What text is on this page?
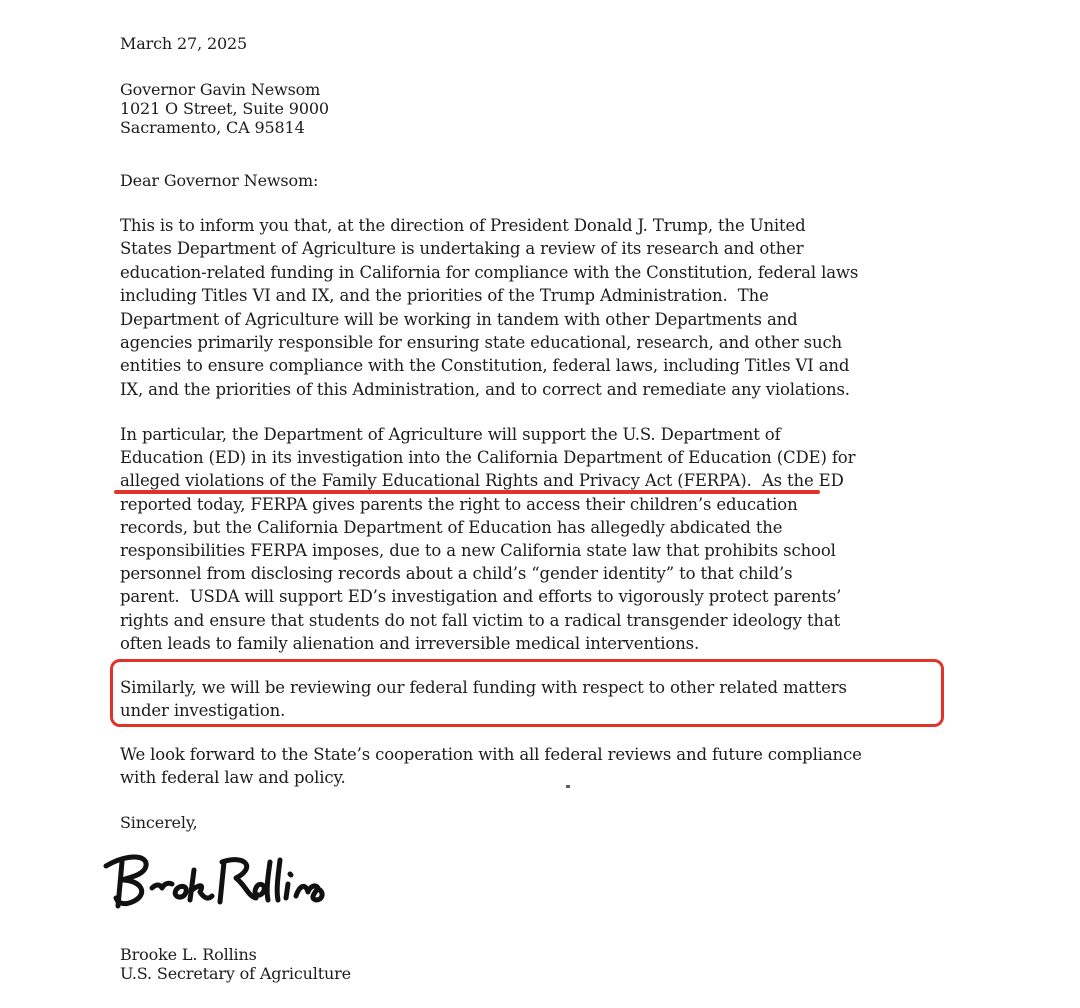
March 27, 2025
Governor Gavin Newsom
1021 O Street, Suite 9000
Sacramento, CA 95814
Dear Governor Newsom:
This is to inform you that, at the direction of President Donald J. Trump, the United
States Department of Agriculture is undertaking a review of its research and other
education-related funding in California for compliance with the Constitution, federal laws
including Titles VI and IX, and the priorities of the Trump Administration.  The
Department of Agriculture will be working in tandem with other Departments and
agencies primarily responsible for ensuring state educational, research, and other such
entities to ensure compliance with the Constitution, federal laws, including Titles VI and
IX, and the priorities of this Administration, and to correct and remediate any violations.
In particular, the Department of Agriculture will support the U.S. Department of
Education (ED) in its investigation into the California Department of Education (CDE) for
alleged violations of the Family Educational Rights and Privacy Act (FERPA).  As the ED
reported today, FERPA gives parents the right to access their children’s education
records, but the California Department of Education has allegedly abdicated the
responsibilities FERPA imposes, due to a new California state law that prohibits school
personnel from disclosing records about a child’s “gender identity” to that child’s
parent.  USDA will support ED’s investigation and efforts to vigorously protect parents’
rights and ensure that students do not fall victim to a radical transgender ideology that
often leads to family alienation and irreversible medical interventions.
Similarly, we will be reviewing our federal funding with respect to other related matters
under investigation.
We look forward to the State’s cooperation with all federal reviews and future compliance
with federal law and policy.
Sincerely,
Brooke L. Rollins
U.S. Secretary of Agriculture
